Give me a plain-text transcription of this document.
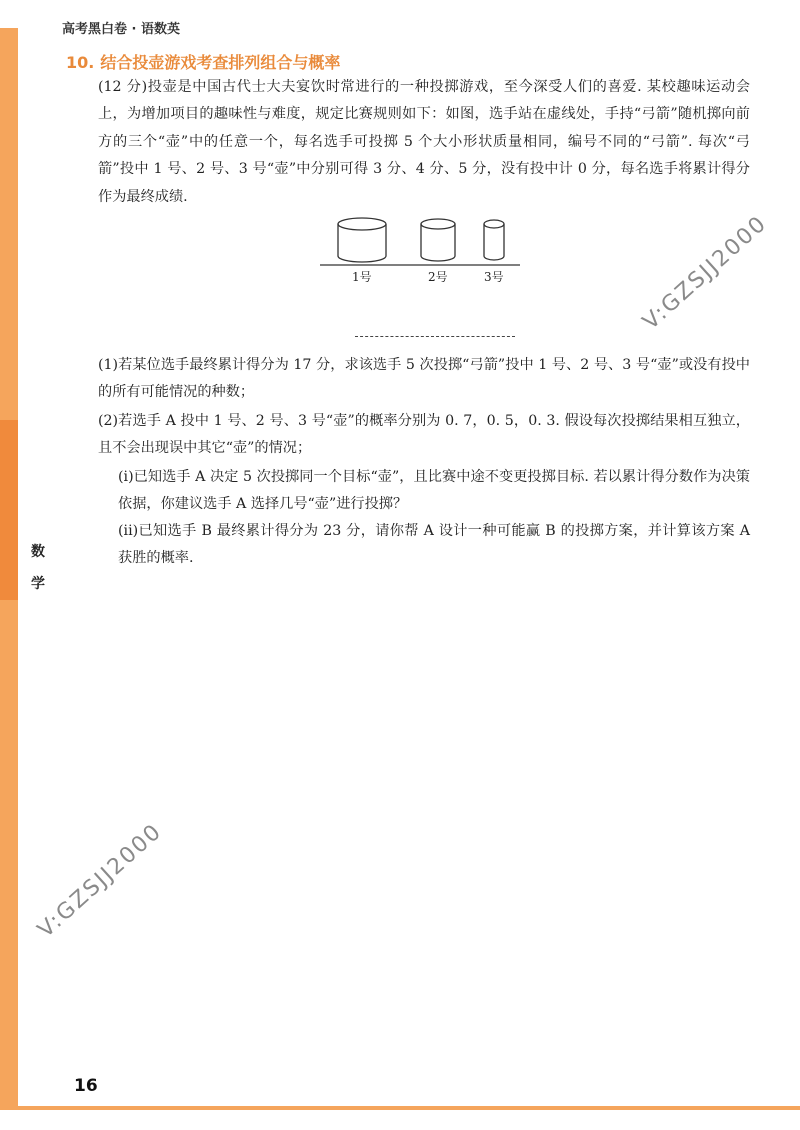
高考黑白卷 · 语数英
10. 结合投壶游戏考查排列组合与概率
(12 分)投壶是中国古代士大夫宴饮时常进行的一种投掷游戏，至今深受人们的喜爱. 某校趣味运动会上，为增加项目的趣味性与难度，规定比赛规则如下：如图，选手站在虚线处，手持“弓箭”随机掷向前方的三个“壶”中的任意一个，每名选手可投掷 5 个大小形状质量相同，编号不同的“弓箭”. 每次“弓箭”投中 1 号、2 号、3 号“壶”中分别可得 3 分、4 分、5 分，没有投中计 0 分，每名选手将累计得分作为最终成绩.
1号	2号	3号
(1)若某位选手最终累计得分为 17 分，求该选手 5 次投掷“弓箭”投中 1 号、2 号、3 号“壶”或没有投中的所有可能情况的种数；
(2)若选手 A 投中 1 号、2 号、3 号“壶”的概率分别为 0. 7，0. 5，0. 3. 假设每次投掷结果相互独立，且不会出现误中其它“壶”的情况；
(i)已知选手 A 决定 5 次投掷同一个目标“壶”，且比赛中途不变更投掷目标. 若以累计得分数作为决策依据，你建议选手 A 选择几号“壶”进行投掷？
(ii)已知选手 B 最终累计得分为 23 分，请你帮 A 设计一种可能赢 B 的投掷方案，并计算该方案 A 获胜的概率.
数学
V:GZSJJ2000
V:GZSJJ2000
16
